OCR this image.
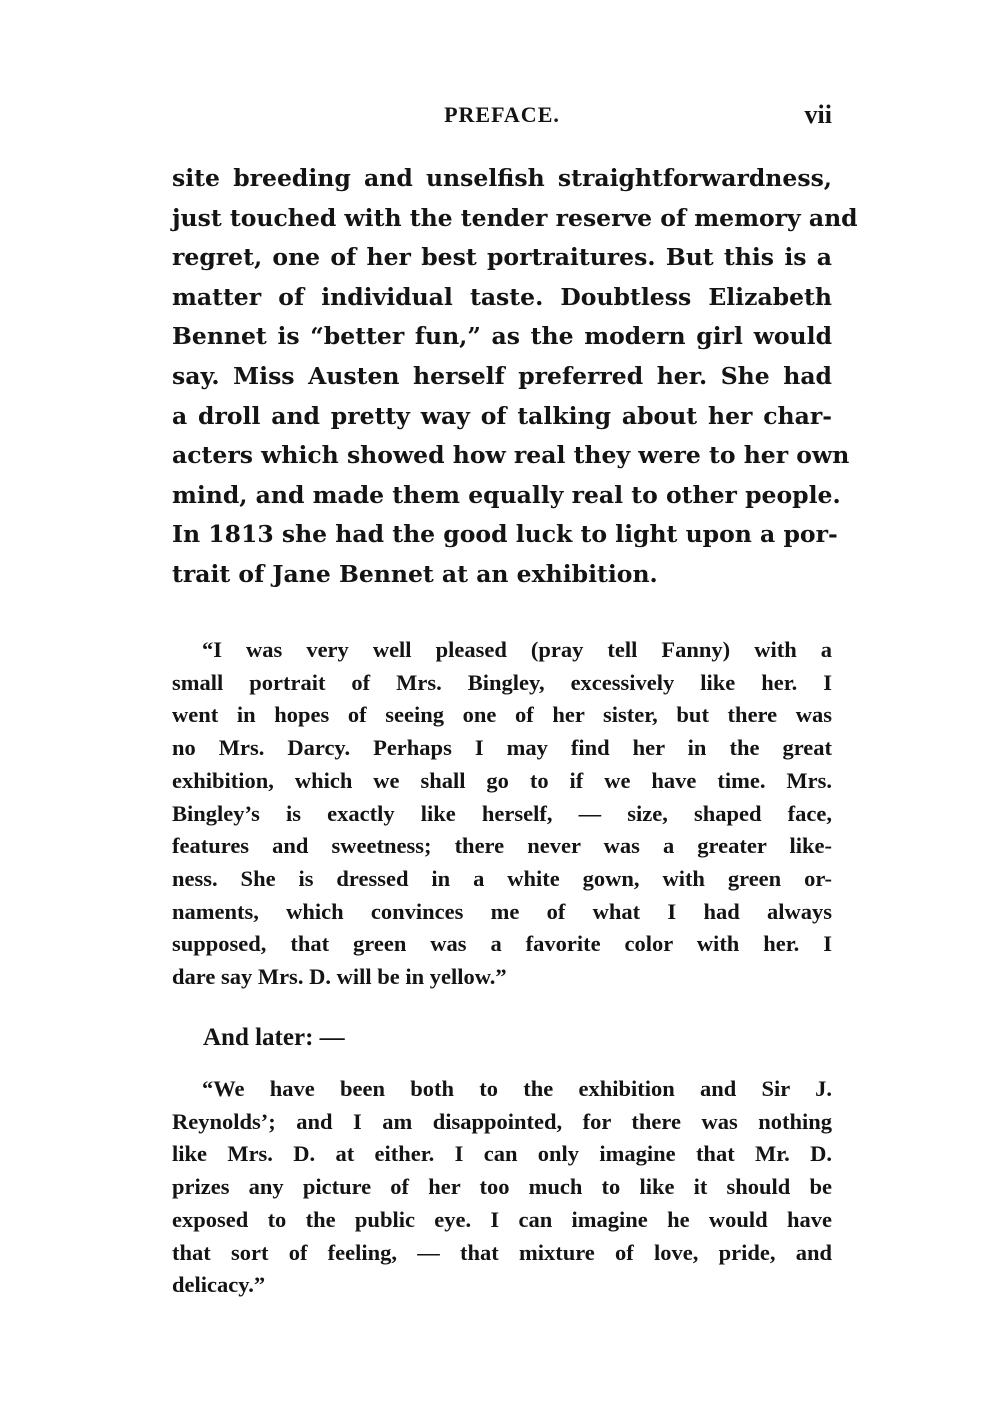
PREFACE.	vii
site breeding and unselfish straightforwardness,
just touched with the tender reserve of memory and
regret, one of her best portraitures. But this is a
matter of individual taste. Doubtless Elizabeth
Bennet is “better fun,” as the modern girl would
say. Miss Austen herself preferred her. She had
a droll and pretty way of talking about her char-
acters which showed how real they were to her own
mind, and made them equally real to other people.
In 1813 she had the good luck to light upon a por-
trait of Jane Bennet at an exhibition.
“I was very well pleased (pray tell Fanny) with a
small portrait of Mrs. Bingley, excessively like her. I
went in hopes of seeing one of her sister, but there was
no Mrs. Darcy. Perhaps I may find her in the great
exhibition, which we shall go to if we have time. Mrs.
Bingley’s is exactly like herself, — size, shaped face,
features and sweetness; there never was a greater like-
ness. She is dressed in a white gown, with green or-
naments, which convinces me of what I had always
supposed, that green was a favorite color with her. I
dare say Mrs. D. will be in yellow.”
And later: —
“We have been both to the exhibition and Sir J.
Reynolds’; and I am disappointed, for there was nothing
like Mrs. D. at either. I can only imagine that Mr. D.
prizes any picture of her too much to like it should be
exposed to the public eye. I can imagine he would have
that sort of feeling, — that mixture of love, pride, and
delicacy.”
